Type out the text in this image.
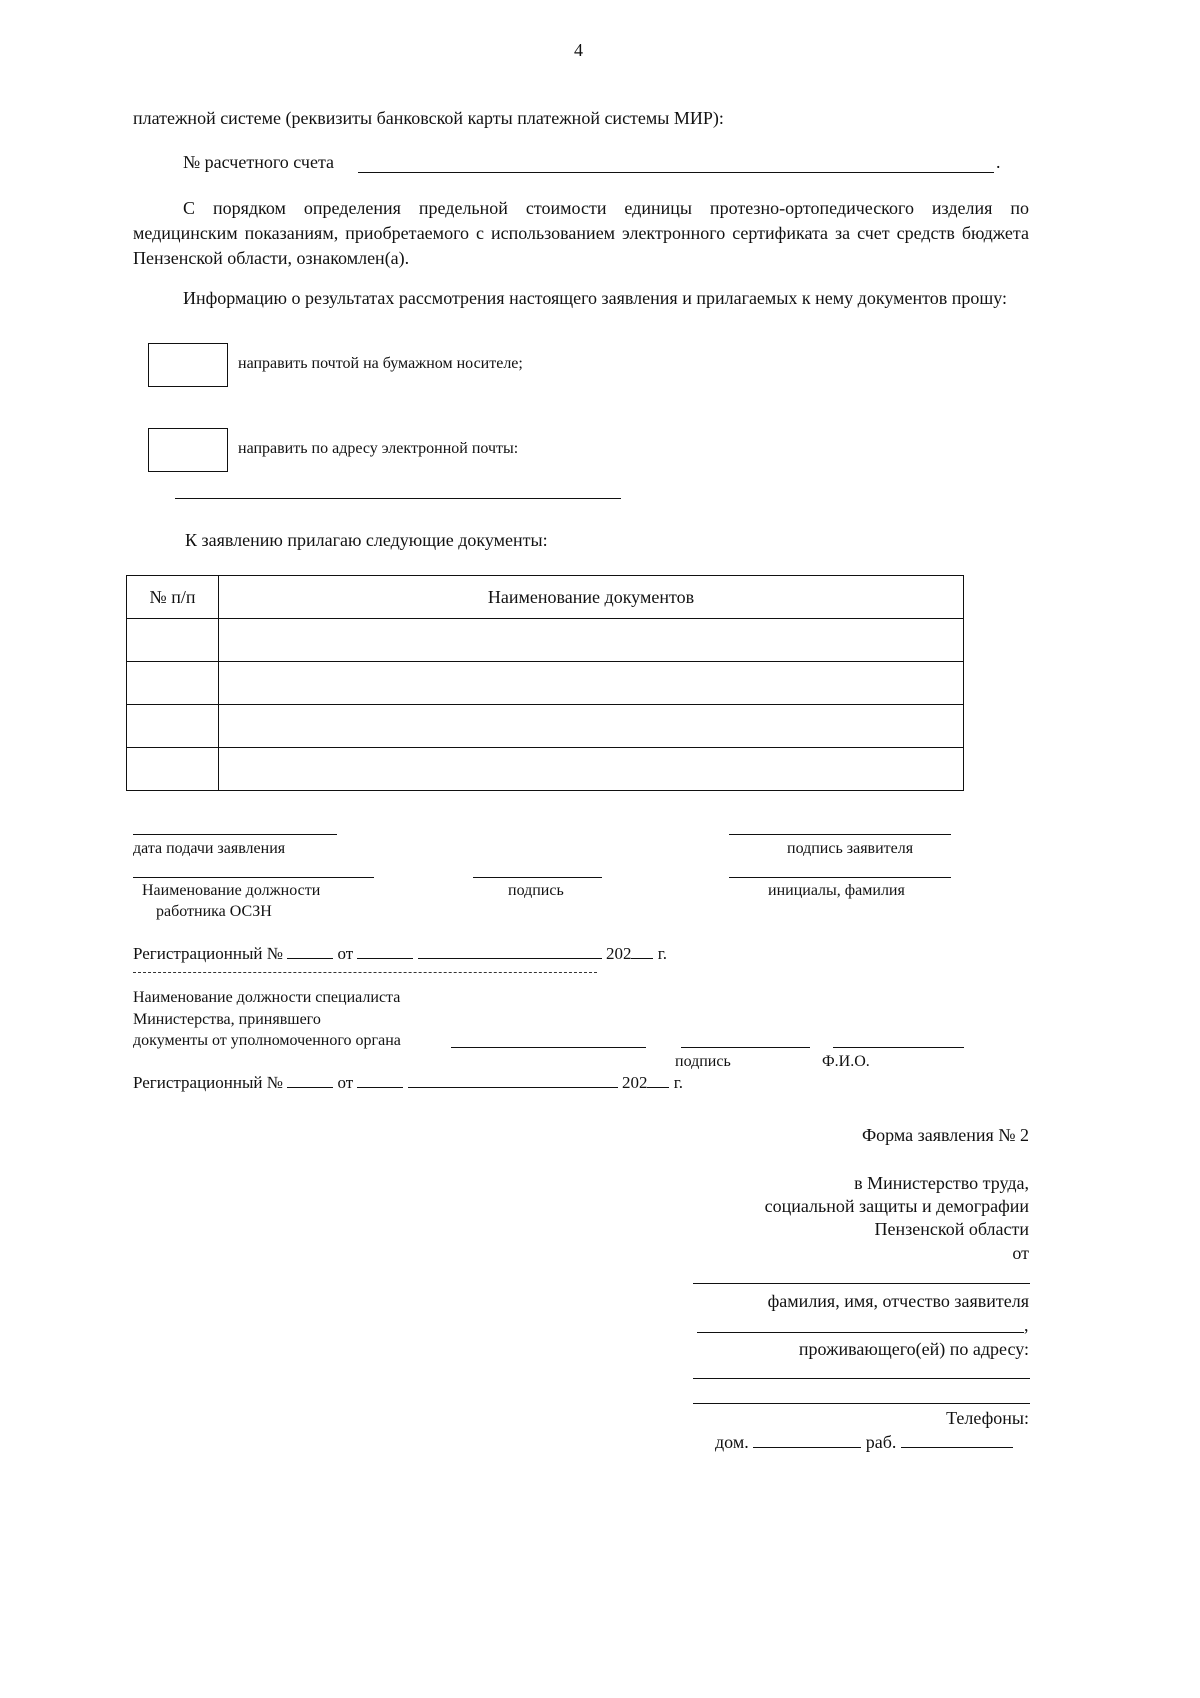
4
платежной системе (реквизиты банковской карты платежной системы МИР):
№ расчетного счета	.
С порядком определения предельной стоимости единицы протезно-ортопедического изделия по медицинским показаниям, приобретаемого с использованием электронного сертификата за счет средств бюджета Пензенской области, ознакомлен(а).
Информацию о результатах рассмотрения настоящего заявления и прилагаемых к нему документов прошу:
направить почтой на бумажном носителе;
направить по адресу электронной почты:
К заявлению прилагаю следующие документы:
№ п/п	Наименование документов

дата подачи заявления	подпись заявителя
Наименование должности
работника ОСЗН
подпись	инициалы, фамилия
Регистрационный №	от	202 г.
Наименование должности специалиста
Министерства, принявшего
документы от уполномоченного органа
подпись	Ф.И.О.
Регистрационный №	от	202 г.
Форма заявления № 2
в Министерство труда,
социальной защиты и демографии
Пензенской области
от
фамилия, имя, отчество заявителя
,
проживающего(ей) по адресу:
Телефоны:
дом.	раб.
